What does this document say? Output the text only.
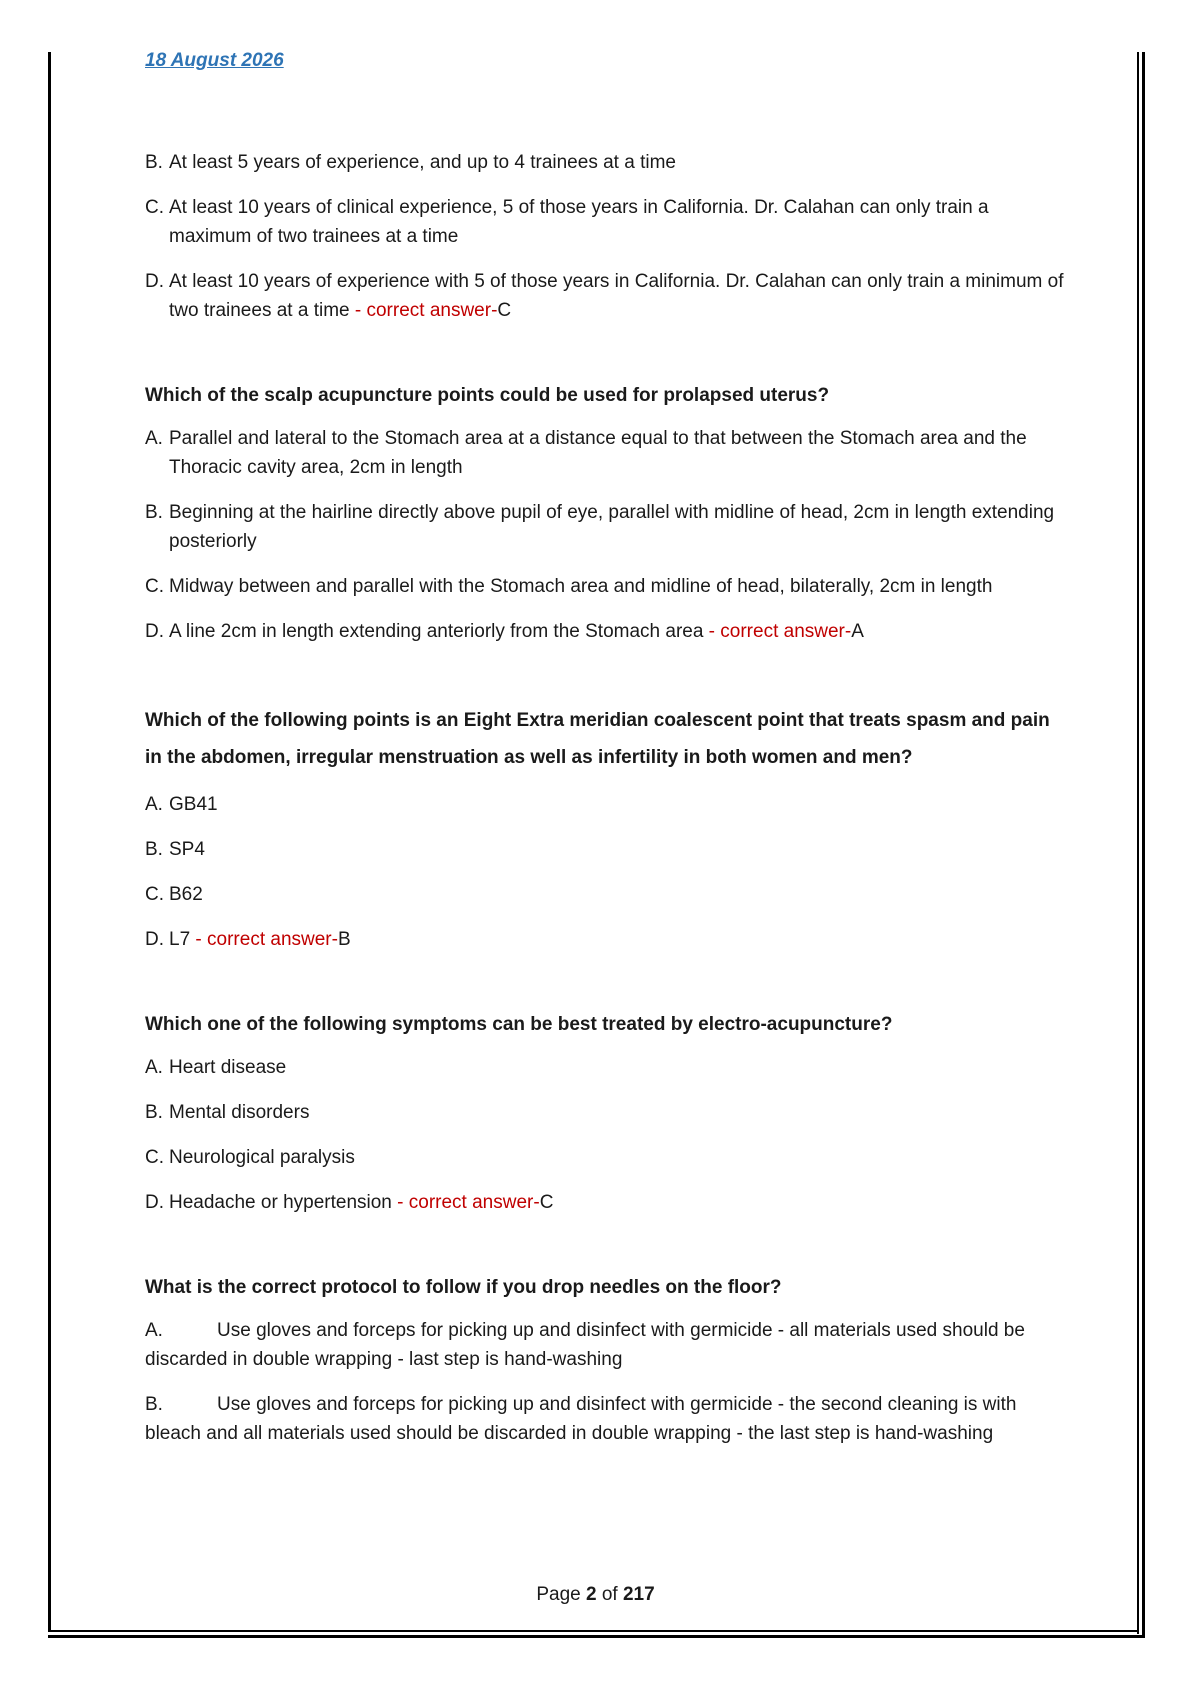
18 August 2026

B. At least 5 years of experience, and up to 4 trainees at a time
C. At least 10 years of clinical experience, 5 of those years in California. Dr. Calahan can only train a maximum of two trainees at a time
D. At least 10 years of experience with 5 of those years in California. Dr. Calahan can only train a minimum of two trainees at a time - correct answer-C

Which of the scalp acupuncture points could be used for prolapsed uterus?

A. Parallel and lateral to the Stomach area at a distance equal to that between the Stomach area and the Thoracic cavity area, 2cm in length
B. Beginning at the hairline directly above pupil of eye, parallel with midline of head, 2cm in length extending posteriorly
C. Midway between and parallel with the Stomach area and midline of head, bilaterally, 2cm in length
D. A line 2cm in length extending anteriorly from the Stomach area - correct answer-A

Which of the following points is an Eight Extra meridian coalescent point that treats spasm and pain in the abdomen, irregular menstruation as well as infertility in both women and men?

A. GB41
B. SP4
C. B62
D. L7 - correct answer-B

Which one of the following symptoms can be best treated by electro-acupuncture?

A. Heart disease
B. Mental disorders
C. Neurological paralysis
D. Headache or hypertension - correct answer-C

What is the correct protocol to follow if you drop needles on the floor?

A.	Use gloves and forceps for picking up and disinfect with germicide - all materials used should be discarded in double wrapping - last step is hand-washing
B.	Use gloves and forceps for picking up and disinfect with germicide - the second cleaning is with bleach and all materials used should be discarded in double wrapping - the last step is hand-washing
Page 2 of 217
